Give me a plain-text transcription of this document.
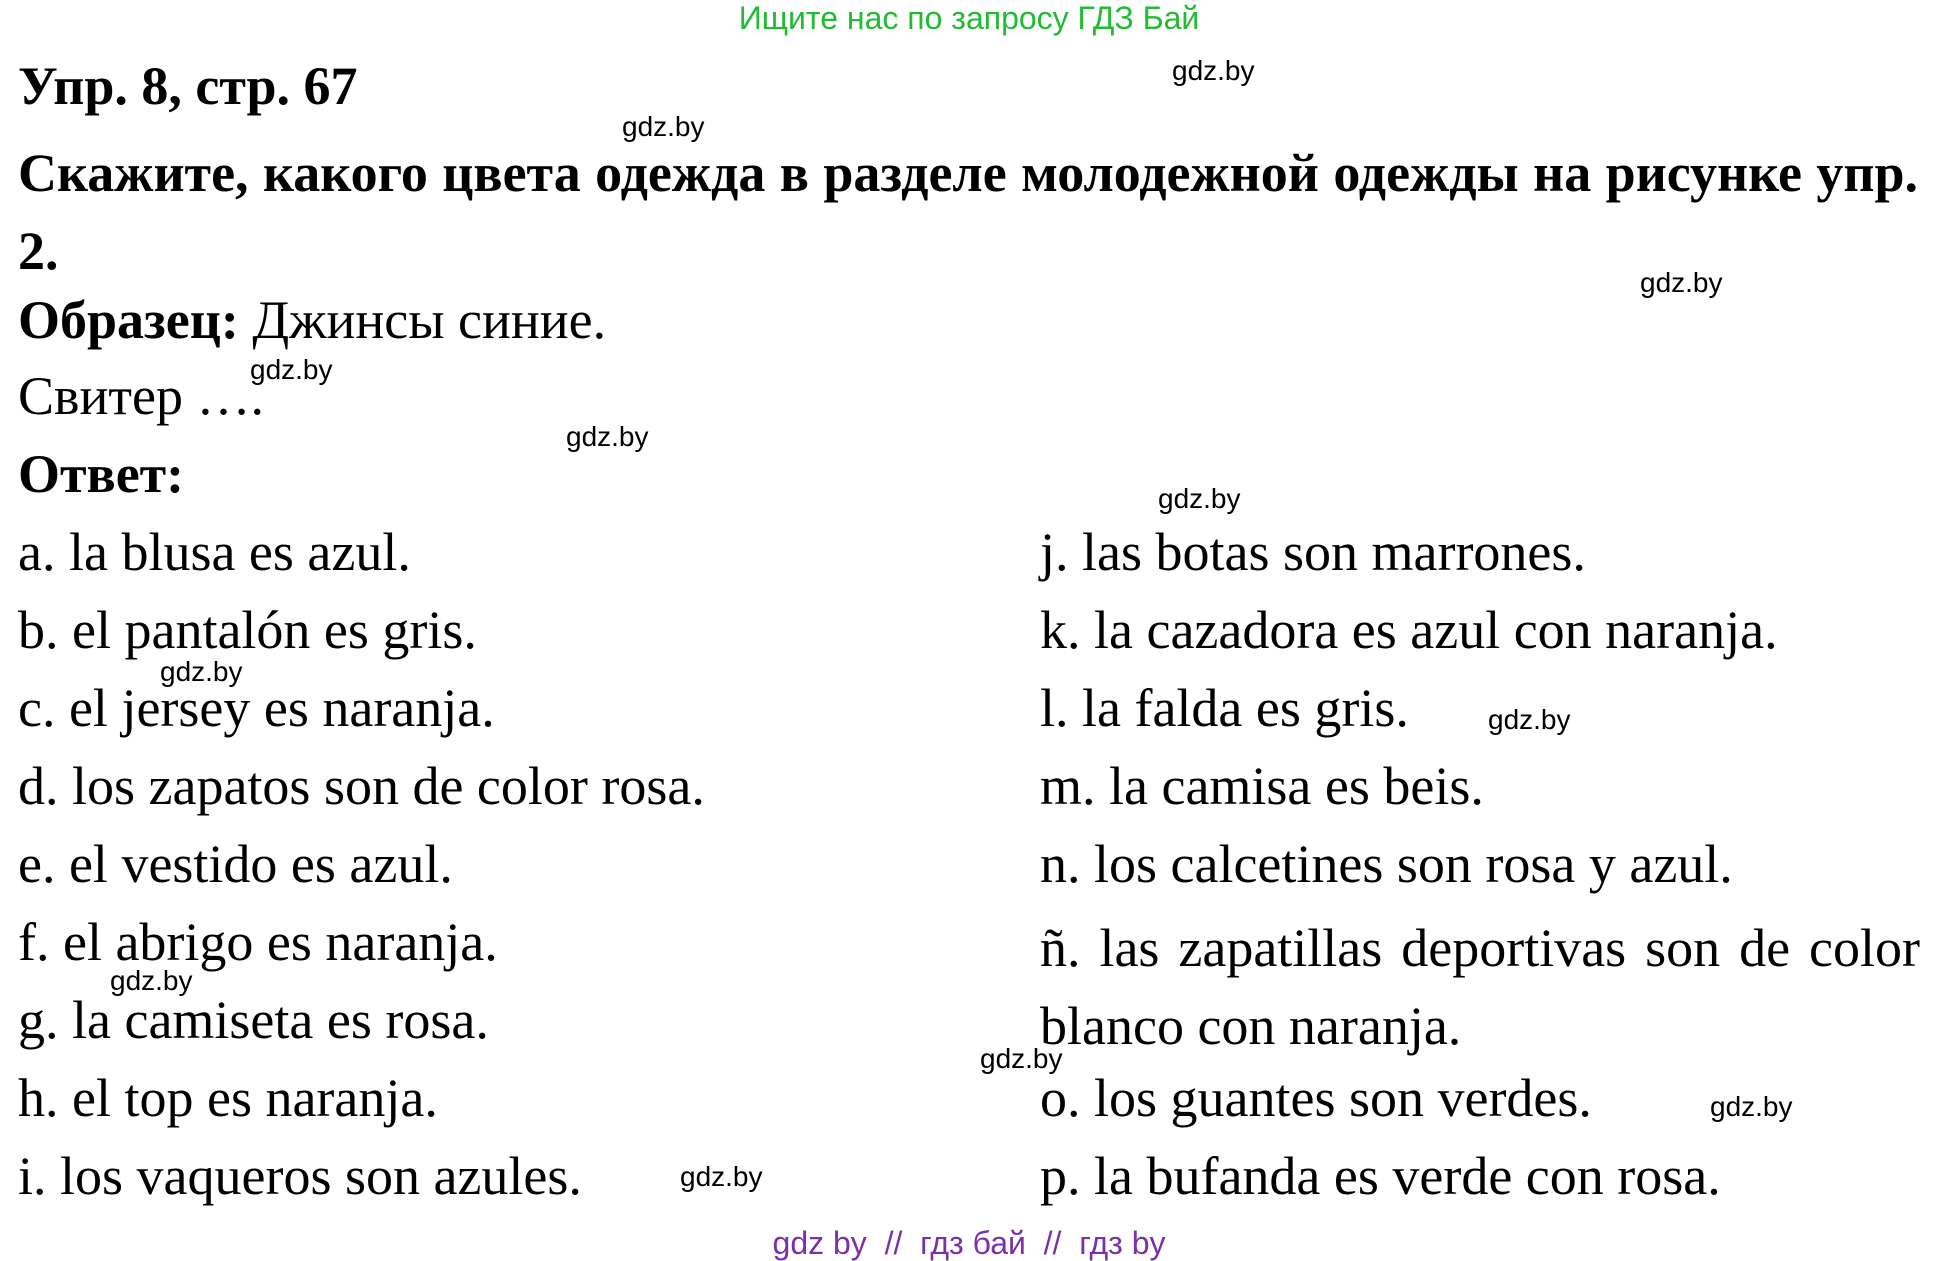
Ищите нас по запросу ГДЗ Бай
Упр. 8, стр. 67
Скажите, какого цвета одежда в разделе молодежной одежды на рисунке упр. 2.
Образец: Джинсы синие.
Свитер ….
Ответ:
a. la blusa es azul.
b. el pantalón es gris.
c. el jersey es naranja.
d. los zapatos son de color rosa.
e. el vestido es azul.
f. el abrigo es naranja.
g. la camiseta es rosa.
h. el top es naranja.
i. los vaqueros son azules.
j. las botas son marrones.
k. la cazadora es azul con naranja.
l. la falda es gris.
m. la camisa es beis.
n. los calcetines son rosa y azul.
ñ. las zapatillas deportivas son de color blanco con naranja.
o. los guantes son verdes.
p. la bufanda es verde con rosa.
gdz.by
gdz.by
gdz.by
gdz.by
gdz.by
gdz.by
gdz.by
gdz.by
gdz.by
gdz.by
gdz.by
gdz.by
gdz by  //  гдз бай  //  гдз by
